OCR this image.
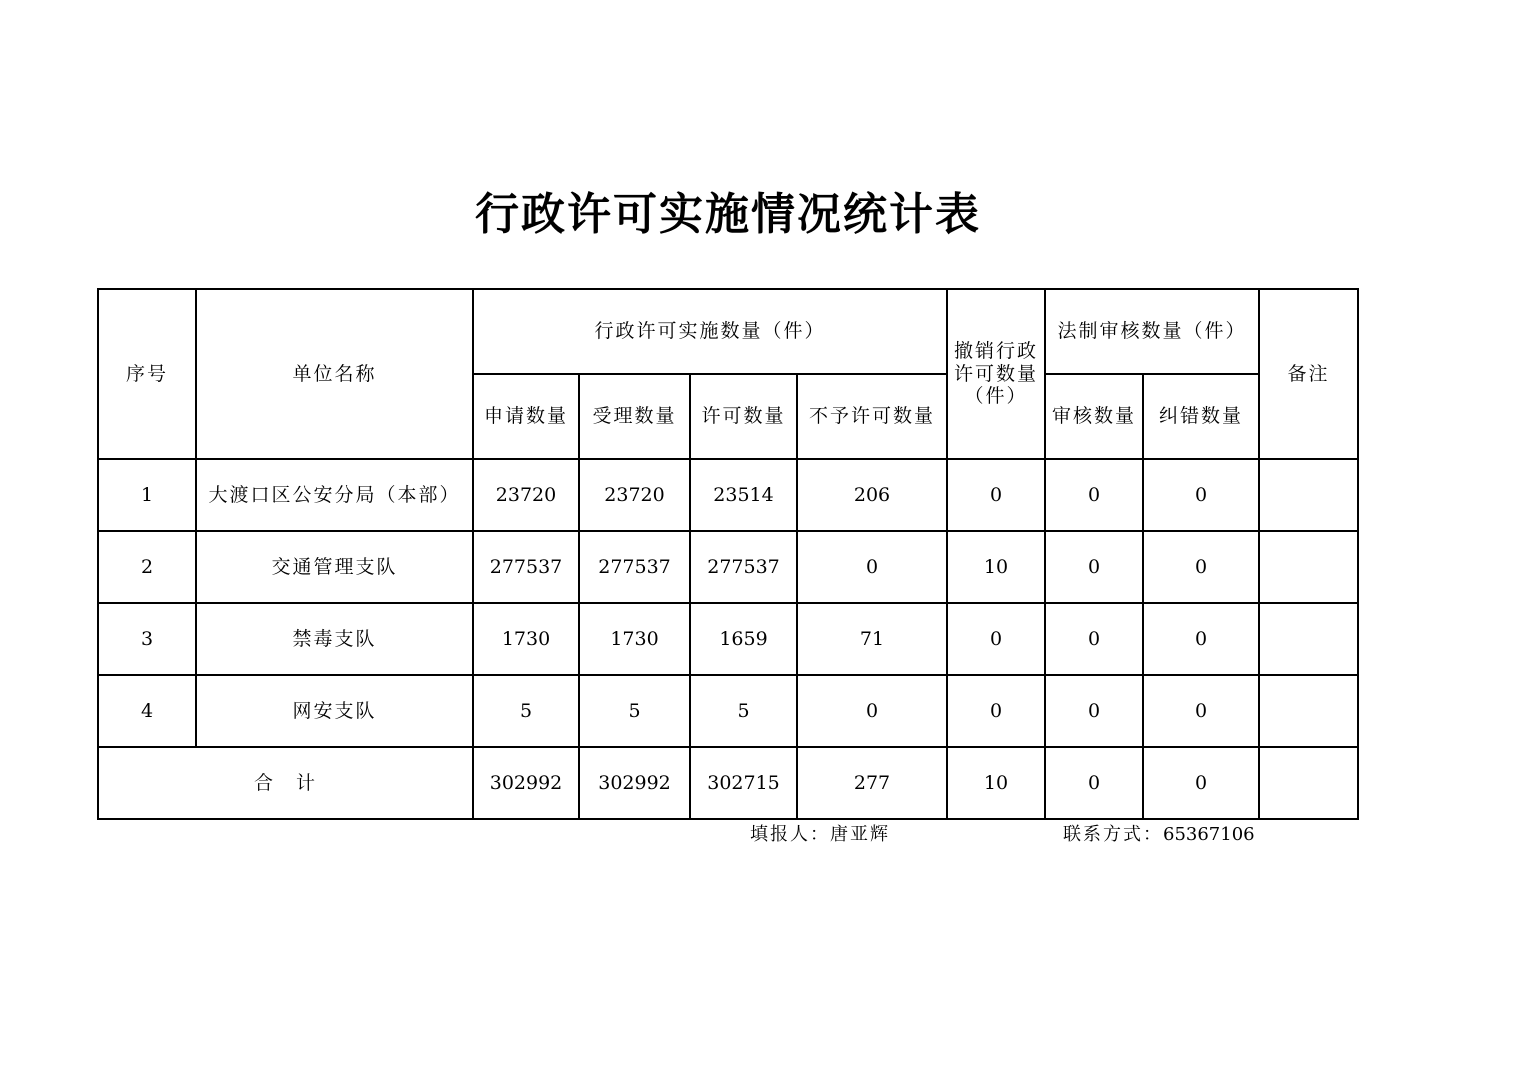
行政许可实施情况统计表
序号	单位名称	行政许可实施数量（件）				撤销行政许可数量（件）	法制审核数量（件）		备注
		申请数量	受理数量	许可数量	不予许可数量		审核数量	纠错数量	
1	大渡口区公安分局（本部）	23720	23720	23514	206	0	0	0	
2	交通管理支队	277537	277537	277537	0	10	0	0	
3	禁毒支队	1730	1730	1659	71	0	0	0	
4	网安支队	5	5	5	0	0	0	0	
合　计		302992	302992	302715	277	10	0	0	
填报人：唐亚辉	联系方式：65367106
